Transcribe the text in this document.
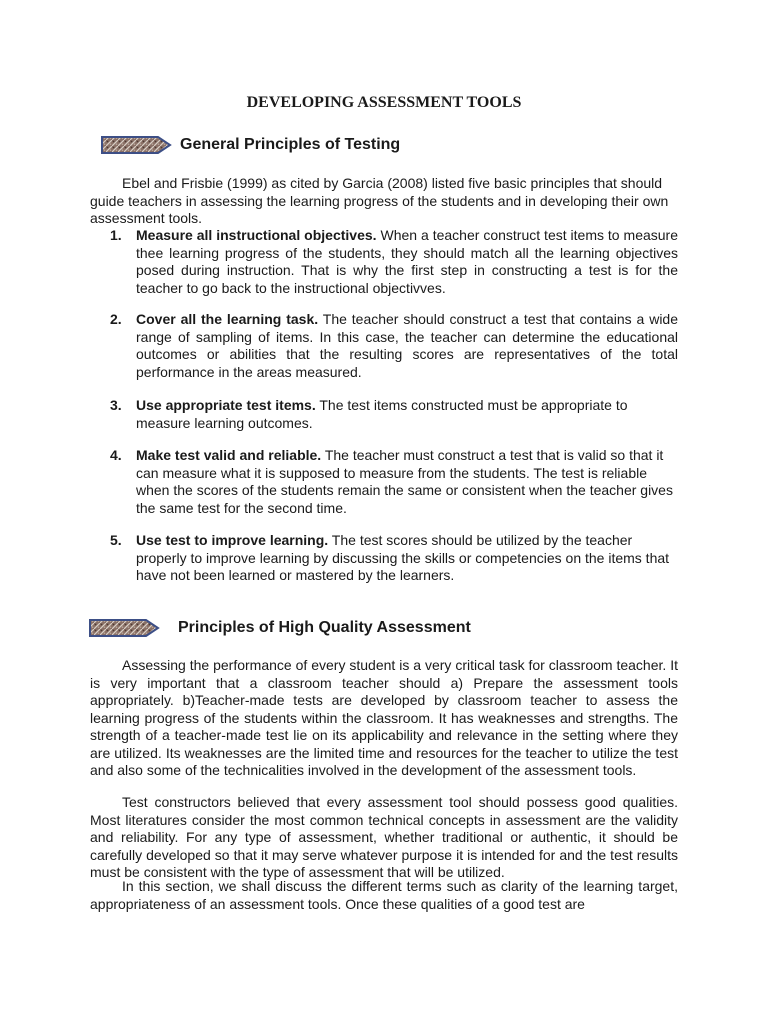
DEVELOPING ASSESSMENT TOOLS
General Principles of Testing

Ebel and Frisbie (1999) as cited by Garcia (2008) listed five basic principles that should guide teachers in assessing the learning progress of the students and in developing their own assessment tools.

1.	Measure all instructional objectives. When a teacher construct test items to measure thee learning progress of the students, they should match all the learning objectives posed during instruction. That is why the first step in constructing a test is for the teacher to go back to the instructional objectivves.
2.	Cover all the learning task. The teacher should construct a test that contains a wide range of sampling of items. In this case, the teacher can determine the educational outcomes or abilities that the resulting scores are representatives of the total performance in the areas measured.
3.	Use appropriate test items. The test items constructed must be appropriate to measure learning outcomes.
4.	Make test valid and reliable. The teacher must construct a test that is valid so that it can measure what it is supposed to measure from the students. The test is reliable when the scores of the students remain the same or consistent when the teacher gives the same test for the second time.
5.	Use test to improve learning. The test scores should be utilized by the teacher properly to improve learning by discussing the skills or competencies on the items that have not been learned or mastered by the learners.
Principles of High Quality Assessment

Assessing the performance of every student is a very critical task for classroom teacher. It is very important that a classroom teacher should a) Prepare the assessment tools appropriately. b)Teacher-made tests are developed by classroom teacher to assess the learning progress of the students within the classroom. It has weaknesses and strengths. The strength of a teacher-made test lie on its applicability and relevance in the setting where they are utilized. Its weaknesses are the limited time and resources for the teacher to utilize the test and also some of the technicalities involved in the development of the assessment tools.

Test constructors believed that every assessment tool should possess good qualities. Most literatures consider the most common technical concepts in assessment are the validity and reliability. For any type of assessment, whether traditional or authentic, it should be carefully developed so that it may serve whatever purpose it is intended for and the test results must be consistent with the type of assessment that will be utilized.

In this section, we shall discuss the different terms such as clarity of the learning target, appropriateness of an assessment tools. Once these qualities of a good test are
